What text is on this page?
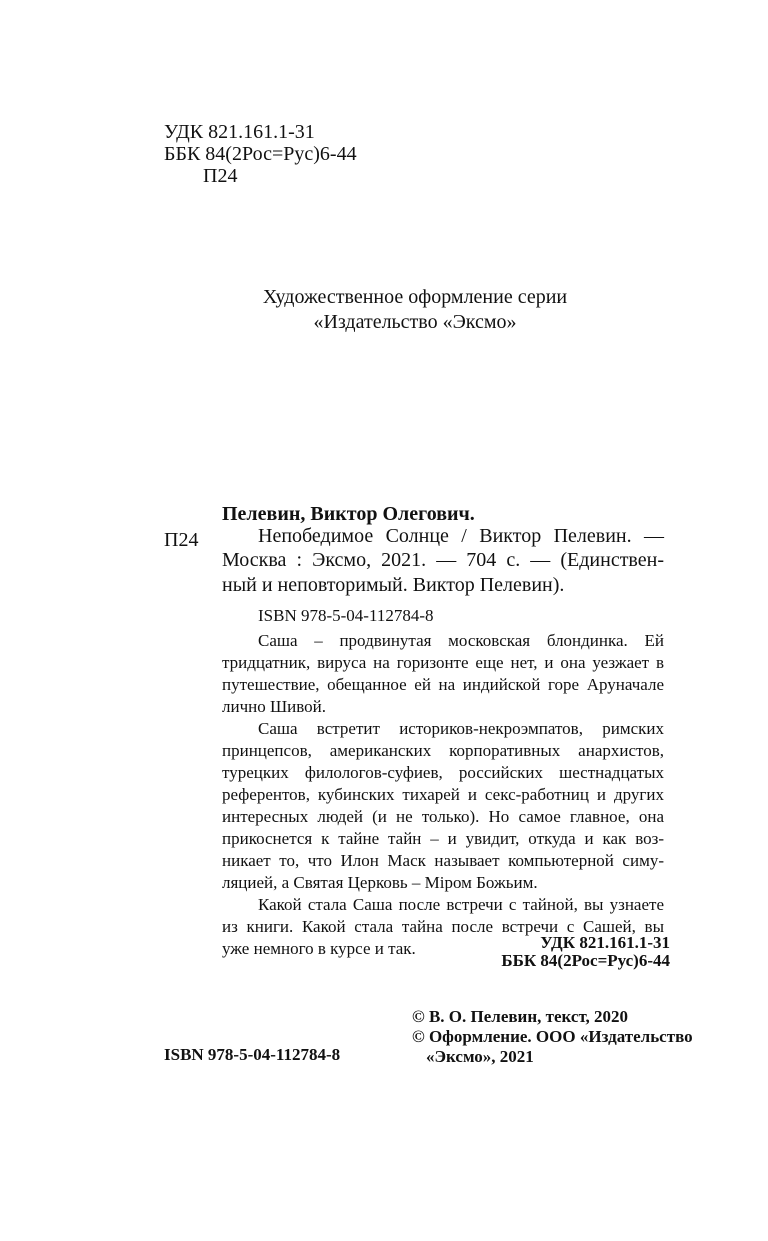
УДК 821.161.1-31
ББК 84(2Рос=Рус)6-44
П24
Художественное оформление серии
«Издательство «Эксмо»
Пелевин, Виктор Олегович.
П24	Непобедимое Солнце / Виктор Пелевин. —
Москва : Эксмо, 2021. — 704 с. — (Единствен-
ный и неповторимый. Виктор Пелевин).
ISBN 978-5-04-112784-8
Саша – продвинутая московская блондинка. Ей
тридцатник, вируса на горизонте еще нет, и она уезжает в
путешествие, обещанное ей на индийской горе Аруначале
лично Шивой.
Саша встретит историков-некроэмпатов, римских
принцепсов, американских корпоративных анархистов,
турецких филологов-суфиев, российских шестнадцатых
референтов, кубинских тихарей и секс-работниц и других
интересных людей (и не только). Но самое главное, она
прикоснется к тайне тайн – и увидит, откуда и как воз-
никает то, что Илон Маск называет компьютерной симу-
ляцией, а Святая Церковь – Міром Божьим.
Какой стала Саша после встречи с тайной, вы узнаете
из книги. Какой стала тайна после встречи с Сашей, вы
уже немного в курсе и так.	УДК 821.161.1-31
ББК 84(2Рос=Рус)6-44
ISBN 978-5-04-112784-8
© В. О. Пелевин, текст, 2020
© Оформление. ООО «Издательство
«Эксмо», 2021
